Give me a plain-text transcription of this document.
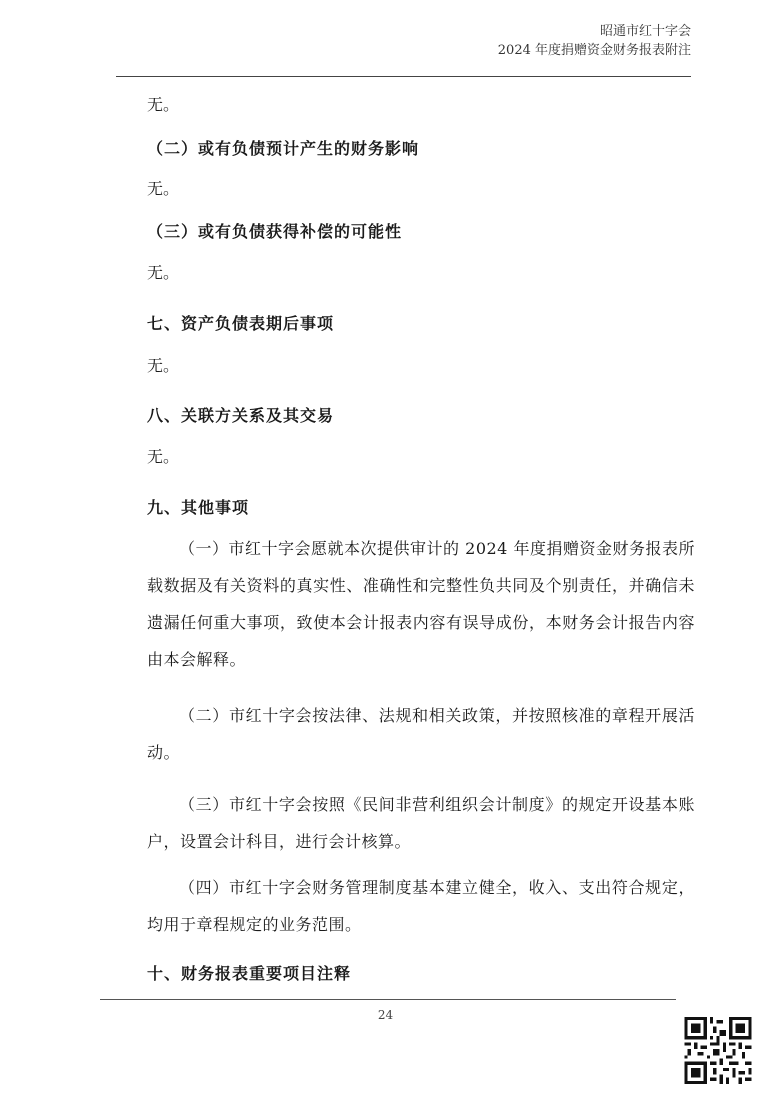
昭通市红十字会
2024 年度捐赠资金财务报表附注
无。
（二）或有负债预计产生的财务影响
无。
（三）或有负债获得补偿的可能性
无。
七、资产负债表期后事项
无。
八、关联方关系及其交易
无。
九、其他事项
（一）市红十字会愿就本次提供审计的 2024 年度捐赠资金财务报表所载数据及有关资料的真实性、准确性和完整性负共同及个别责任，并确信未遗漏任何重大事项，致使本会计报表内容有误导成份，本财务会计报告内容由本会解释。
（二）市红十字会按法律、法规和相关政策，并按照核准的章程开展活动。
（三）市红十字会按照《民间非营利组织会计制度》的规定开设基本账户，设置会计科目，进行会计核算。
（四）市红十字会财务管理制度基本建立健全，收入、支出符合规定，均用于章程规定的业务范围。
十、财务报表重要项目注释
24
